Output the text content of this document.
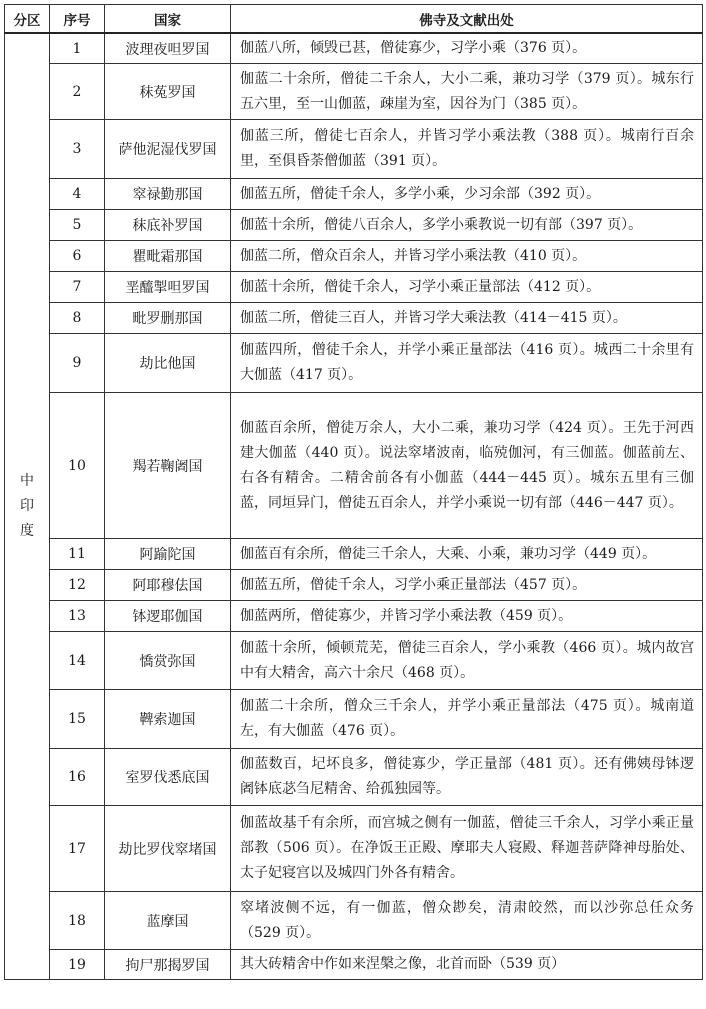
分区	序号	国家	佛寺及文献出处

中
印
度	1	波理夜呾罗国	伽蓝八所，倾毁已甚，僧徒寡少，习学小乘（376 页）。
	2	秣菟罗国	伽蓝二十余所，僧徒二千余人，大小二乘，兼功习学（379 页）。城东行五六里，至一山伽蓝，疎崖为室，因谷为门（385 页）。
	3	萨他泥湿伐罗国	伽蓝三所，僧徒七百余人，并皆习学小乘法教（388 页）。城南行百余里，至俱昏荼僧伽蓝（391 页）。
	4	窣禄勤那国	伽蓝五所，僧徒千余人，多学小乘，少习余部（392 页）。
	5	秣底补罗国	伽蓝十余所，僧徒八百余人，多学小乘教说一切有部（397 页）。
	6	瞿毗霜那国	伽蓝二所，僧众百余人，并皆习学小乘法教（410 页）。
	7	垩醯掣呾罗国	伽蓝十余所，僧徒千余人，习学小乘正量部法（412 页）。
	8	毗罗删那国	伽蓝二所，僧徒三百人，并皆习学大乘法教（414－415 页）。
	9	劫比他国	伽蓝四所，僧徒千余人，并学小乘正量部法（416 页）。城西二十余里有大伽蓝（417 页）。
	10	羯若鞠阇国	伽蓝百余所，僧徒万余人，大小二乘，兼功习学（424 页）。王先于河西建大伽蓝（440 页）。说法窣堵波南，临殑伽河，有三伽蓝。伽蓝前左、右各有精舍。二精舍前各有小伽蓝（444－445 页）。城东五里有三伽蓝，同垣异门，僧徒五百余人，并学小乘说一切有部（446－447 页）。
	11	阿踰陀国	伽蓝百有余所，僧徒三千余人，大乘、小乘，兼功习学（449 页）。
	12	阿耶穆佉国	伽蓝五所，僧徒千余人，习学小乘正量部法（457 页）。
	13	钵逻耶伽国	伽蓝两所，僧徒寡少，并皆习学小乘法教（459 页）。
	14	憍赏弥国	伽蓝十余所，倾顿荒芜，僧徒三百余人，学小乘教（466 页）。城内故宫中有大精舍，高六十余尺（468 页）。
	15	鞞索迦国	伽蓝二十余所，僧众三千余人，并学小乘正量部法（475 页）。城南道左，有大伽蓝（476 页）。
	16	室罗伐悉底国	伽蓝数百，圮坏良多，僧徒寡少，学正量部（481 页）。还有佛姨母钵逻阇钵底苾刍尼精舍、给孤独园等。
	17	劫比罗伐窣堵国	伽蓝故基千有余所，而宫城之侧有一伽蓝，僧徒三千余人，习学小乘正量部教（506 页）。在净饭王正殿、摩耶夫人寝殿、释迦菩萨降神母胎处、太子妃寝宫以及城四门外各有精舍。
	18	蓝摩国	窣堵波侧不远，有一伽蓝，僧众尠矣，清肃皎然，而以沙弥总任众务（529 页）。
	19	拘尸那揭罗国	其大砖精舍中作如来涅槃之像，北首而卧（539 页）
